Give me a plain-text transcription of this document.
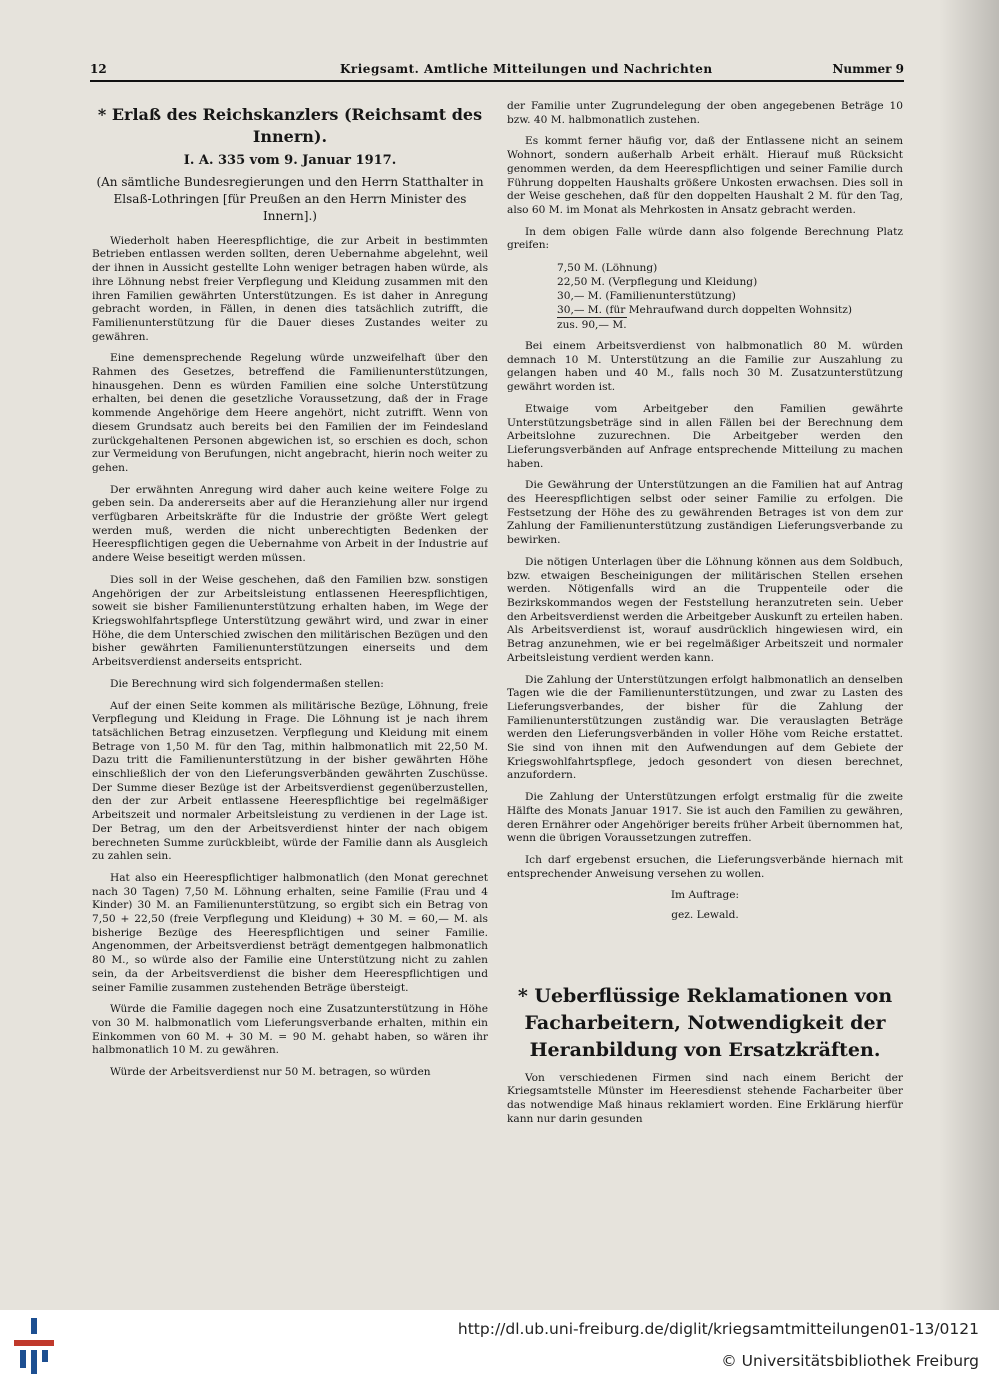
12	Kriegsamt. Amtliche Mitteilungen und Nachrichten	Nummer 9
* Erlaß des Reichskanzlers (Reichsamt des Innern).
I. A. 335 vom 9. Januar 1917.
(An sämtliche Bundesregierungen und den Herrn Statthalter in Elsaß-Lothringen [für Preußen an den Herrn Minister des Innern].)

Wiederholt haben Heerespflichtige, die zur Arbeit in bestimmten Betrieben entlassen werden sollten, deren Uebernahme abgelehnt, weil der ihnen in Aussicht gestellte Lohn weniger betragen haben würde, als ihre Löhnung nebst freier Verpflegung und Kleidung zusammen mit den ihren Familien gewährten Unterstützungen. Es ist daher in Anregung gebracht worden, in Fällen, in denen dies tatsächlich zutrifft, die Familienunterstützung für die Dauer dieses Zustandes weiter zu gewähren.

Eine demensprechende Regelung würde unzweifelhaft über den Rahmen des Gesetzes, betreffend die Familienunterstützungen, hinausgehen. Denn es würden Familien eine solche Unterstützung erhalten, bei denen die gesetzliche Voraussetzung, daß der in Frage kommende Angehörige dem Heere angehört, nicht zutrifft. Wenn von diesem Grundsatz auch bereits bei den Familien der im Feindesland zurückgehaltenen Personen abgewichen ist, so erschien es doch, schon zur Vermeidung von Berufungen, nicht angebracht, hierin noch weiter zu gehen.

Der erwähnten Anregung wird daher auch keine weitere Folge zu geben sein. Da andererseits aber auf die Heranziehung aller nur irgend verfügbaren Arbeitskräfte für die Industrie der größte Wert gelegt werden muß, werden die nicht unberechtigten Bedenken der Heerespflichtigen gegen die Uebernahme von Arbeit in der Industrie auf andere Weise beseitigt werden müssen.

Dies soll in der Weise geschehen, daß den Familien bzw. sonstigen Angehörigen der zur Arbeitsleistung entlassenen Heerespflichtigen, soweit sie bisher Familienunterstützung erhalten haben, im Wege der Kriegswohlfahrtspflege Unterstützung gewährt wird, und zwar in einer Höhe, die dem Unterschied zwischen den militärischen Bezügen und den bisher gewährten Familienunterstützungen einerseits und dem Arbeitsverdienst anderseits entspricht.

Die Berechnung wird sich folgendermaßen stellen:

Auf der einen Seite kommen als militärische Bezüge, Löhnung, freie Verpflegung und Kleidung in Frage. Die Löhnung ist je nach ihrem tatsächlichen Betrag einzusetzen. Verpflegung und Kleidung mit einem Betrage von 1,50 M. für den Tag, mithin halbmonatlich mit 22,50 M. Dazu tritt die Familienunterstützung in der bisher gewährten Höhe einschließlich der von den Lieferungsverbänden gewährten Zuschüsse. Der Summe dieser Bezüge ist der Arbeitsverdienst gegenüberzustellen, den der zur Arbeit entlassene Heerespflichtige bei regelmäßiger Arbeitszeit und normaler Arbeitsleistung zu verdienen in der Lage ist. Der Betrag, um den der Arbeitsverdienst hinter der nach obigem berechneten Summe zurückbleibt, würde der Familie dann als Ausgleich zu zahlen sein.

Hat also ein Heerespflichtiger halbmonatlich (den Monat gerechnet nach 30 Tagen) 7,50 M. Löhnung erhalten, seine Familie (Frau und 4 Kinder) 30 M. an Familienunterstützung, so ergibt sich ein Betrag von 7,50 + 22,50 (freie Verpflegung und Kleidung) + 30 M. = 60,— M. als bisherige Bezüge des Heerespflichtigen und seiner Familie. Angenommen, der Arbeitsverdienst beträgt dementgegen halbmonatlich 80 M., so würde also der Familie eine Unterstützung nicht zu zahlen sein, da der Arbeitsverdienst die bisher dem Heerespflichtigen und seiner Familie zusammen zustehenden Beträge übersteigt.

Würde die Familie dagegen noch eine Zusatzunterstützung in Höhe von 30 M. halbmonatlich vom Lieferungsverbande erhalten, mithin ein Einkommen von 60 M. + 30 M. = 90 M. gehabt haben, so wären ihr halbmonatlich 10 M. zu gewähren.

Würde der Arbeitsverdienst nur 50 M. betragen, so würden

der Familie unter Zugrundelegung der oben angegebenen Beträge 10 bzw. 40 M. halbmonatlich zustehen.

Es kommt ferner häufig vor, daß der Entlassene nicht an seinem Wohnort, sondern außerhalb Arbeit erhält. Hierauf muß Rücksicht genommen werden, da dem Heerespflichtigen und seiner Familie durch Führung doppelten Haushalts größere Unkosten erwachsen. Dies soll in der Weise geschehen, daß für den doppelten Haushalt 2 M. für den Tag, also 60 M. im Monat als Mehrkosten in Ansatz gebracht werden.

In dem obigen Falle würde dann also folgende Berechnung Platz greifen:

7,50 M. (Löhnung)
22,50 M. (Verpflegung und Kleidung)
30,— M. (Familienunterstützung)
30,— M. (für Mehraufwand durch doppelten Wohnsitz)
zus. 90,— M.

Bei einem Arbeitsverdienst von halbmonatlich 80 M. würden demnach 10 M. Unterstützung an die Familie zur Auszahlung zu gelangen haben und 40 M., falls noch 30 M. Zusatzunterstützung gewährt worden ist.

Etwaige vom Arbeitgeber den Familien gewährte Unterstützungsbeträge sind in allen Fällen bei der Berechnung dem Arbeitslohne zuzurechnen. Die Arbeitgeber werden den Lieferungsverbänden auf Anfrage entsprechende Mitteilung zu machen haben.

Die Gewährung der Unterstützungen an die Familien hat auf Antrag des Heerespflichtigen selbst oder seiner Familie zu erfolgen. Die Festsetzung der Höhe des zu gewährenden Betrages ist von dem zur Zahlung der Familienunterstützung zuständigen Lieferungsverbande zu bewirken.

Die nötigen Unterlagen über die Löhnung können aus dem Soldbuch, bzw. etwaigen Bescheinigungen der militärischen Stellen ersehen werden. Nötigenfalls wird an die Truppenteile oder die Bezirkskommandos wegen der Feststellung heranzutreten sein. Ueber den Arbeitsverdienst werden die Arbeitgeber Auskunft zu erteilen haben. Als Arbeitsverdienst ist, worauf ausdrücklich hingewiesen wird, ein Betrag anzunehmen, wie er bei regelmäßiger Arbeitszeit und normaler Arbeitsleistung verdient werden kann.

Die Zahlung der Unterstützungen erfolgt halbmonatlich an denselben Tagen wie die der Familienunterstützungen, und zwar zu Lasten des Lieferungsverbandes, der bisher für die Zahlung der Familienunterstützungen zuständig war. Die verauslagten Beträge werden den Lieferungsverbänden in voller Höhe vom Reiche erstattet. Sie sind von ihnen mit den Aufwendungen auf dem Gebiete der Kriegswohlfahrtspflege, jedoch gesondert von diesen berechnet, anzufordern.

Die Zahlung der Unterstützungen erfolgt erstmalig für die zweite Hälfte des Monats Januar 1917. Sie ist auch den Familien zu gewähren, deren Ernährer oder Angehöriger bereits früher Arbeit übernommen hat, wenn die übrigen Voraussetzungen zutreffen.

Ich darf ergebenst ersuchen, die Lieferungsverbände hiernach mit entsprechender Anweisung versehen zu wollen.

Im Auftrage:
gez. Lewald.
* Ueberflüssige Reklamationen von Facharbeitern, Notwendigkeit der Heranbildung von Ersatzkräften.

Von verschiedenen Firmen sind nach einem Bericht der Kriegsamtstelle Münster im Heeresdienst stehende Facharbeiter über das notwendige Maß hinaus reklamiert worden. Eine Erklärung hierfür kann nur darin gesunden

http://dl.ub.uni-freiburg.de/diglit/kriegsamtmitteilungen01-13/0121
© Universitätsbibliothek Freiburg
